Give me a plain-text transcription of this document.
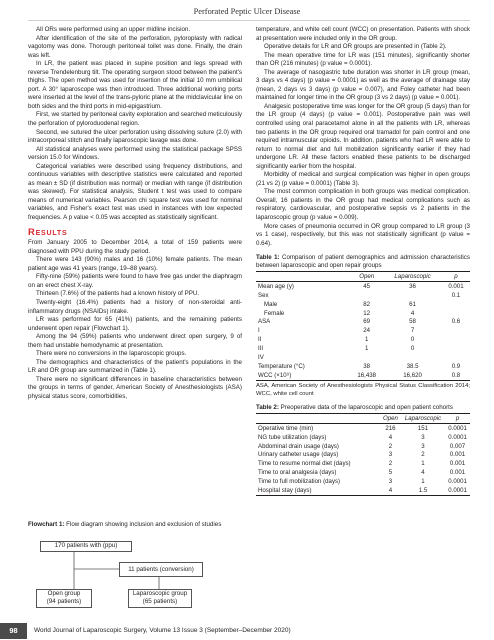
Perforated Peptic Ulcer Disease

All ORs were performed using an upper midline incision.

After identification of the site of the perforation, pyloroplasty with radical vagotomy was done. Thorough peritoneal toilet was done. Finally, the drain was left.

In LR, the patient was placed in supine position and legs spread with reverse Trendelenburg tilt. The operating surgeon stood between the patient's thighs. The open method was used for insertion of the initial 10 mm umbilical port. A 30° laparoscope was then introduced. Three additional working ports were inserted at the level of the trans-pyloric plane at the midclavicular line on both sides and the third ports in mid-epigastrium.

First, we started by peritoneal cavity exploration and searched meticulously the perforation of pyloroduodenal region.

Second, we sutured the ulcer perforation using dissolving suture (2.0) with intracorporeal stitch and finally laparoscopic lavage was done.

All statistical analyses were performed using the statistical package SPSS version 15.0 for Windows.

Categorical variables were described using frequency distributions, and continuous variables with descriptive statistics were calculated and reported as mean ± SD (if distribution was normal) or median with range (if distribution was skewed). For statistical analysis, Student t test was used to compare means of numerical variables. Pearson chi square test was used for nominal variables, and Fisher's exact test was used in instances with low expected frequencies. A p value < 0.05 was accepted as statistically significant.

Results

From January 2005 to December 2014, a total of 159 patients were diagnosed with PPU during the study period.

There were 143 (90%) males and 16 (10%) female patients. The mean patient age was 41 years (range, 19–88 years).

Fifty-nine (59%) patients were found to have free gas under the diaphragm on an erect chest X-ray.

Thirteen (7.6%) of the patients had a known history of PPU.

Twenty-eight (16.4%) patients had a history of non-steroidal anti-inflammatory drugs (NSAIDs) intake.

LR was performed for 65 (41%) patients, and the remaining patients underwent open repair (Flowchart 1).

Among the 94 (59%) patients who underwent direct open surgery, 9 of them had unstable hemodynamic at presentation.

There were no conversions in the laparoscopic groups.

The demographics and characteristics of the patient's populations in the LR and OR group are summarized in (Table 1).

There were no significant differences in baseline characteristics between the groups in terms of gender, American Society of Anesthesiologists (ASA) physical status score, comorbidities,

Flowchart 1: Flow diagram showing inclusion and exclusion of studies
170 patients with (ppu)
11 patients (conversion)
Open group
(94 patients)
Laparoscopic group
(65 patients)

temperature, and white cell count (WCC) on presentation. Patients with shock at presentation were included only in the OR group.

Operative details for LR and OR groups are presented in (Table 2).

The mean operative time for LR was (151 minutes), significantly shorter than OR (216 minutes) (p value = 0.0001).

The average of nasogastric tube duration was shorter in LR group (mean, 3 days vs 4 days) (p value = 0.0001) as well as the average of drainage stay (mean, 2 days vs 3 days) (p value = 0.007), and Foley catheter had been maintained for longer time in the OR group (3 vs 2 days) (p value = 0.001).

Analgesic postoperative time was longer for the OR group (5 days) than for the LR group (4 days) (p value = 0.001). Postoperative pain was well controlled using oral paracetamol alone in all the patients with LR, whereas two patients in the OR group required oral tramadol for pain control and one required intramuscular opioids. In addition, patients who had LR were able to return to normal diet and full mobilization significantly earlier if they had undergone LR. All these factors enabled these patients to be discharged significantly earlier from the hospital.

Morbidity of medical and surgical complication was higher in open groups (21 vs 2) (p value = 0.0001) (Table 3).

The most common complication in both groups was medical complication. Overall, 16 patients in the OR group had medical complications such as respiratory, cardiovascular, and postoperative sepsis vs 2 patients in the laparoscopic group (p value = 0.009).

More cases of pneumonia occurred in OR group compared to LR group (3 vs 1 case), respectively, but this was not statistically significant (p value = 0.64).

Table 1: Comparison of patient demographics and admission characteristics between laparoscopic and open repair groups
	Open	Laparoscopic	p
Mean age (y)	45	36	0.001
Sex			0.1
Male	82	61	
Female	12	4	
ASA	69	58	0.6
I	24	7	
II	1	0	
III	1	0	
IV			
Temperature (°C)	38	38.5	0.9
WCC (×10⁹)	16,438	16,620	0.8
ASA, American Society of Anesthesiologists Physical Status Classification 2014; WCC, white cell count
Table 2: Preoperative data of the laparoscopic and open patient cohorts
	Open	Laparoscopic	p
Operative time (min)	216	151	0.0001
NG tube utilization (days)	4	3	0.0001
Abdominal drain usage (days)	2	3	0.007
Urinary catheter usage (days)	3	2	0.001
Time to resume normal diet (days)	2	1	0.001
Time to oral analgesia (days)	5	4	0.001
Time to full mobilization (days)	3	1	0.0001
Hospital stay (days)	4	1.5	0.0001
98	World Journal of Laparoscopic Surgery, Volume 13 Issue 3 (September–December 2020)
